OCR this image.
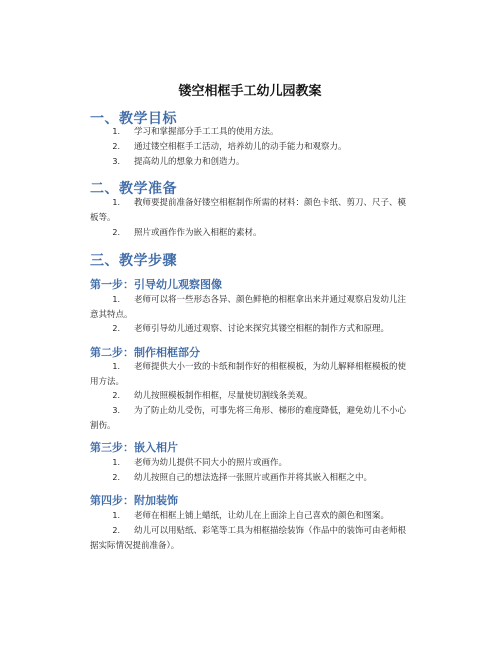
镂空相框手工幼儿园教案
一、教学目标
1. 学习和掌握部分手工工具的使用方法。
2. 通过镂空相框手工活动，培养幼儿的动手能力和观察力。
3. 提高幼儿的想象力和创造力。
二、教学准备
1. 教师要提前准备好镂空相框制作所需的材料：颜色卡纸、剪刀、尺子、模板等。
2. 照片或画作作为嵌入相框的素材。
三、教学步骤
第一步：引导幼儿观察图像
1. 老师可以将一些形态各异、颜色鲜艳的相框拿出来并通过观察启发幼儿注意其特点。
2. 老师引导幼儿通过观察、讨论来探究其镂空相框的制作方式和原理。
第二步：制作相框部分
1. 老师提供大小一致的卡纸和制作好的相框模板，为幼儿解释相框模板的使用方法。
2. 幼儿按照模板制作相框，尽量使切割线条美观。
3. 为了防止幼儿受伤，可事先将三角形、梯形的难度降低，避免幼儿不小心割伤。
第三步：嵌入相片
1. 老师为幼儿提供不同大小的照片或画作。
2. 幼儿按照自己的想法选择一张照片或画作并将其嵌入相框之中。
第四步：附加装饰
1. 老师在相框上铺上蜡纸，让幼儿在上面涂上自己喜欢的颜色和图案。
2. 幼儿可以用贴纸、彩笔等工具为相框描绘装饰（作品中的装饰可由老师根据实际情况提前准备）。
